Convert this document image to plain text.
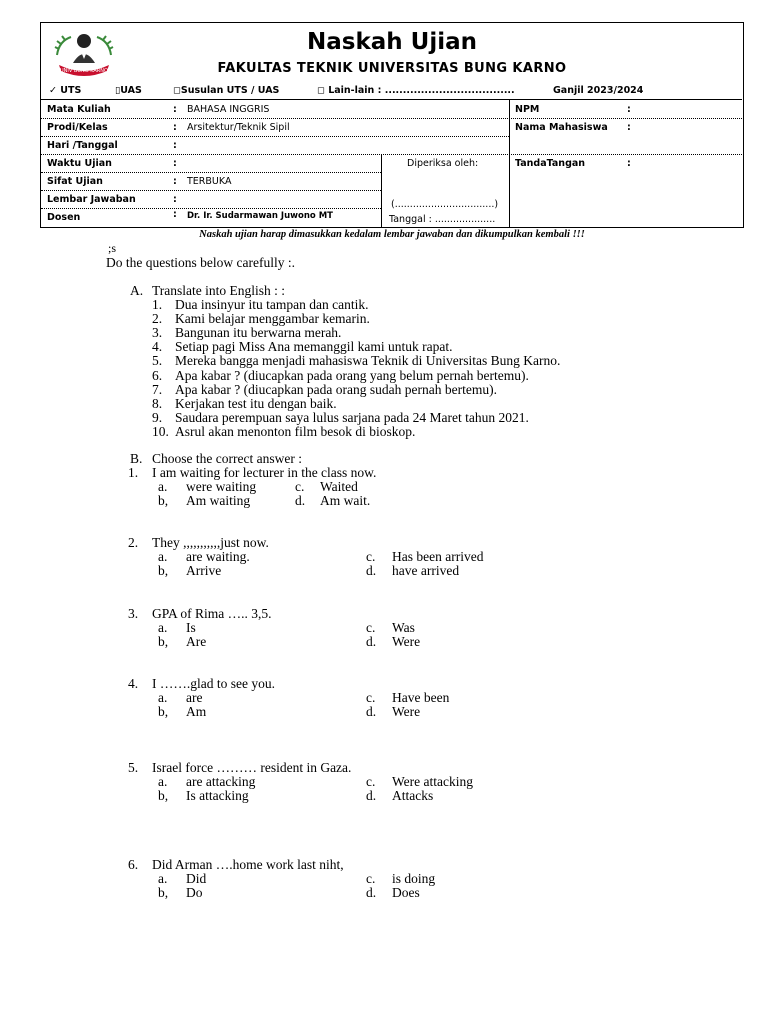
UNIV BUNG KARNO
Naskah Ujian
FAKULTAS TEKNIK UNIVERSITAS BUNG KARNO
✓ UTS	▯UAS	◻Susulan UTS / UAS	◻ Lain-lain : ....................................	Ganjil 2023/2024
Mata Kuliah	: BAHASA INGGRIS
Prodi/Kelas	: Arsitektur/Teknik Sipil
Hari /Tanggal	:
Waktu Ujian	:
Sifat Ujian	: TERBUKA
Lembar Jawaban	:
Dosen	: Dr. Ir. Sudarmawan Juwono MT
Diperiksa oleh:
(.................................)
Tanggal : ....................
NPM	:
Nama Mahasiswa :
TandaTangan	:
Naskah ujian harap dimasukkan kedalam lembar jawaban dan dikumpulkan kembali !!!
;s
Do the questions below carefully :.
A. Translate into English : :
1. Dua insinyur itu tampan dan cantik.
2. Kami belajar menggambar kemarin.
3. Bangunan itu berwarna merah.
4. Setiap pagi Miss Ana memanggil kami untuk rapat.
5. Mereka bangga menjadi mahasiswa Teknik di Universitas Bung Karno.
6. Apa kabar ? (diucapkan pada orang yang belum pernah bertemu).
7. Apa kabar ? (diucapkan pada orang sudah pernah bertemu).
8. Kerjakan test itu dengan baik.
9. Saudara perempuan saya lulus sarjana pada 24 Maret tahun 2021.
10. Asrul akan menonton film besok di bioskop.
B. Choose the correct answer :
1. I am waiting for lecturer in the class now.
a. were waiting	c. Waited
b, Am waiting	d. Am wait.
2. They ,,,,,,,,,,,just now.
a. are waiting.	c. Has been arrived
b, Arrive	d. have arrived
3. GPA of Rima ….. 3,5.
a. Is	c. Was
b, Are	d. Were
4. I …….glad to see you.
a. are	c. Have been
b, Am	d. Were
5. Israel force ……… resident in Gaza.
a. are attacking	c. Were attacking
b, Is attacking	d. Attacks
6. Did Arman ….home work last niht,
a. Did	c. is doing
b, Do	d. Does
